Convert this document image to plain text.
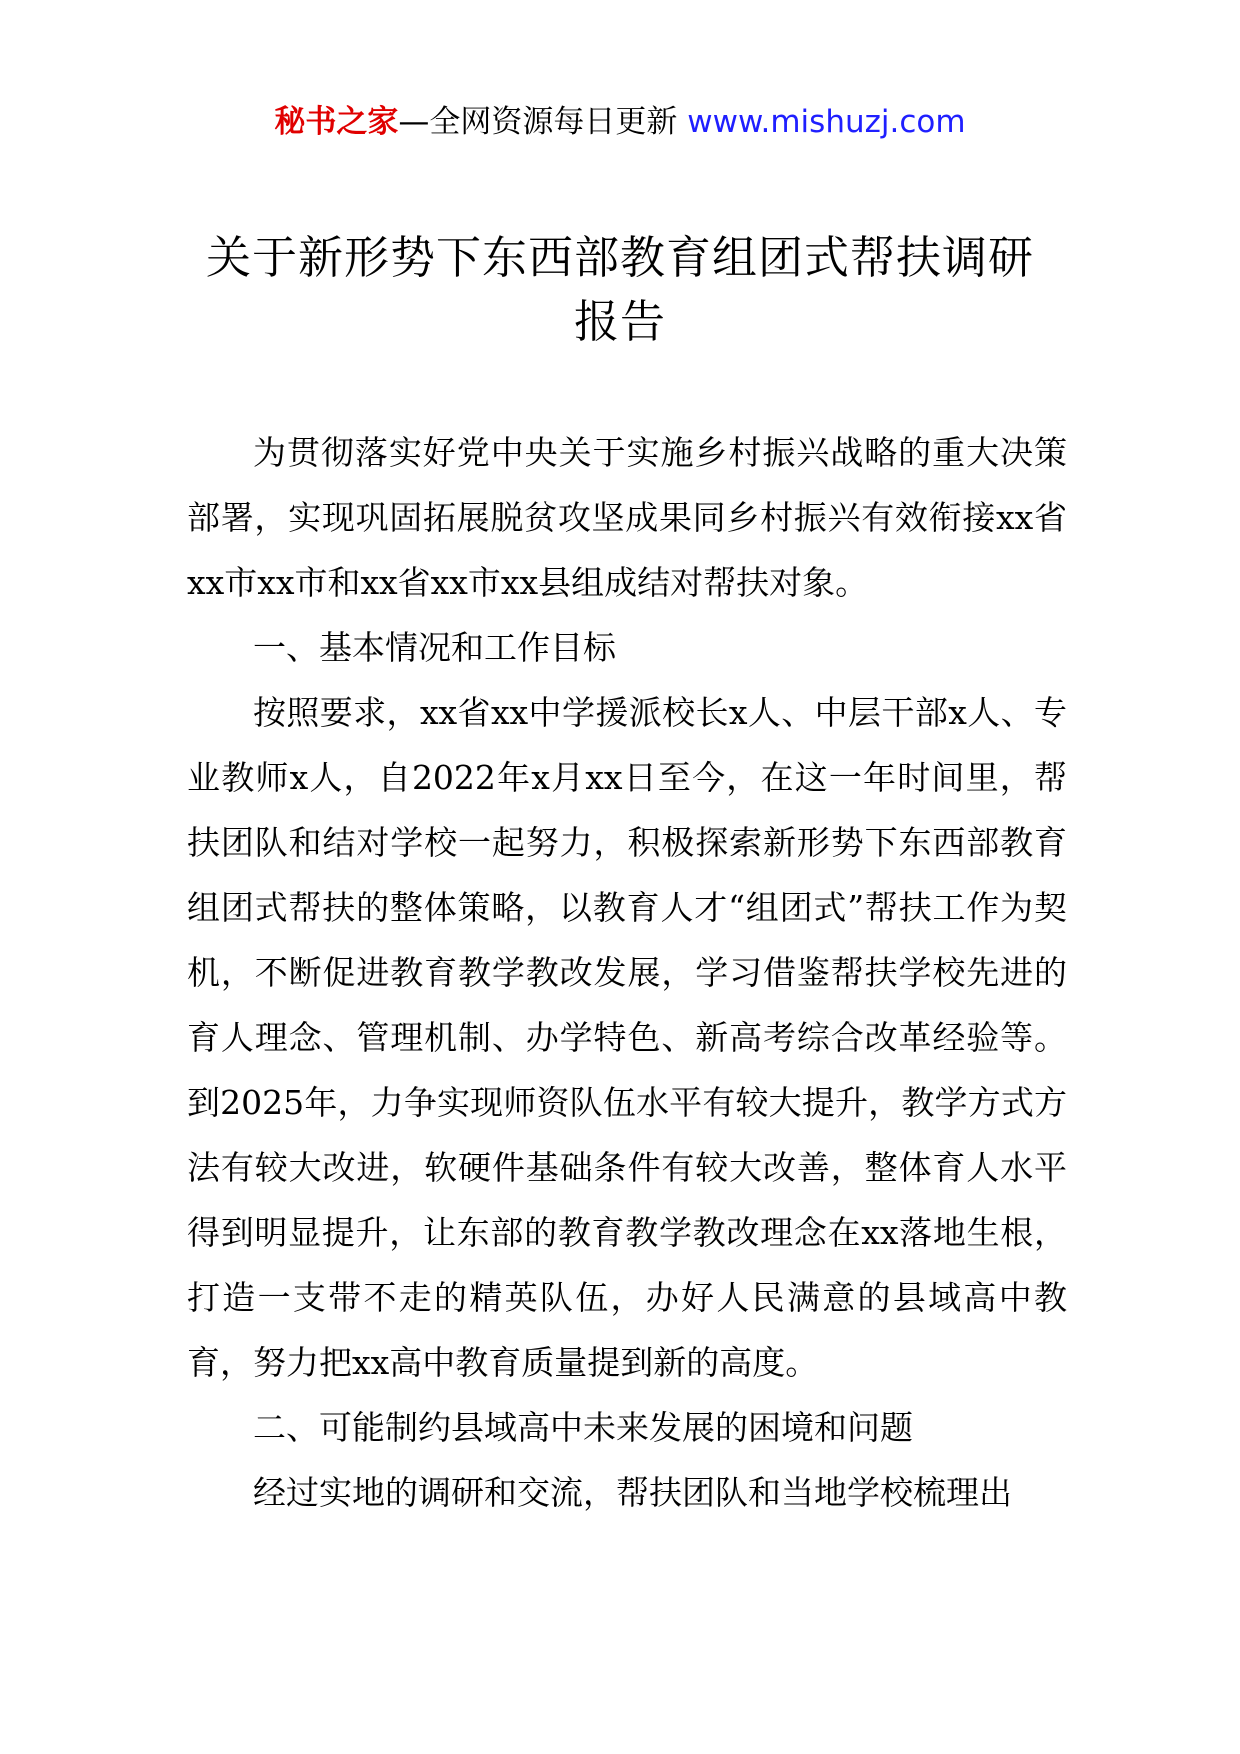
秘书之家—全网资源每日更新 www.mishuzj.com
关于新形势下东西部教育组团式帮扶调研
报告

为贯彻落实好党中央关于实施乡村振兴战略的重大决策部署，实现巩固拓展脱贫攻坚成果同乡村振兴有效衔接xx省xx市xx市和xx省xx市xx县组成结对帮扶对象。

一、基本情况和工作目标

按照要求，xx省xx中学援派校长x人、中层干部x人、专业教师x人，自2022年x月xx日至今，在这一年时间里，帮扶团队和结对学校一起努力，积极探索新形势下东西部教育组团式帮扶的整体策略，以教育人才“组团式”帮扶工作为契机，不断促进教育教学教改发展，学习借鉴帮扶学校先进的育人理念、管理机制、办学特色、新高考综合改革经验等。到2025年，力争实现师资队伍水平有较大提升，教学方式方法有较大改进，软硬件基础条件有较大改善，整体育人水平得到明显提升，让东部的教育教学教改理念在xx落地生根，打造一支带不走的精英队伍，办好人民满意的县域高中教育，努力把xx高中教育质量提到新的高度。

二、可能制约县域高中未来发展的困境和问题

经过实地的调研和交流，帮扶团队和当地学校梳理出
